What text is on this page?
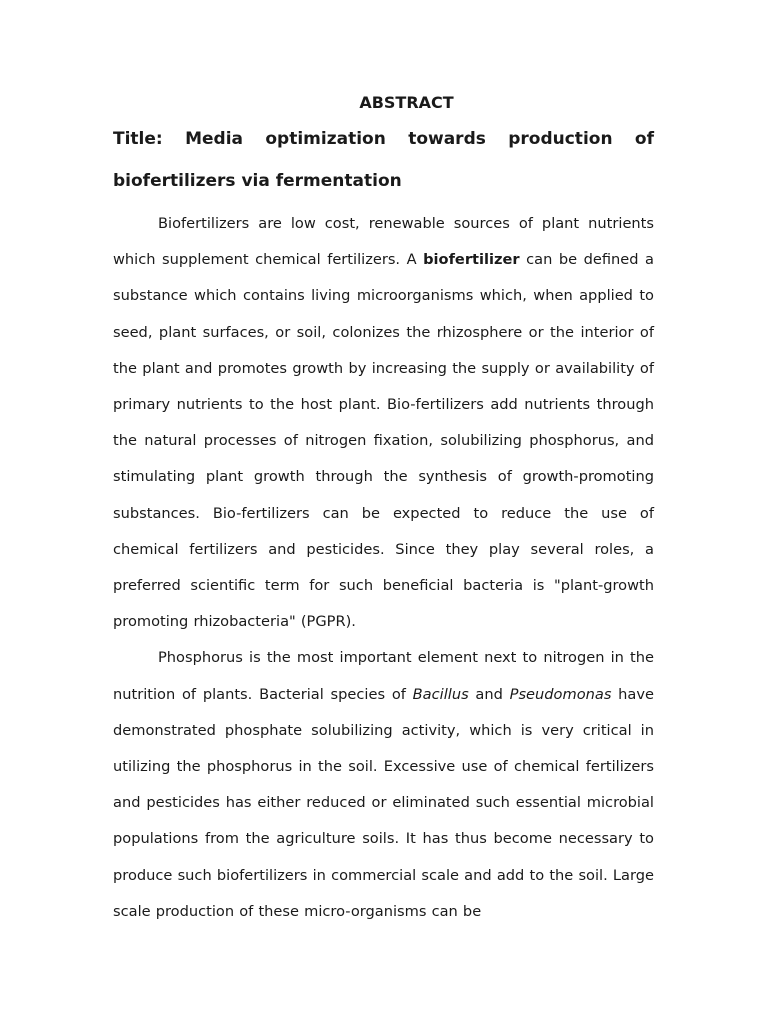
ABSTRACT
Title: Media optimization towards production of
biofertilizers via fermentation

Biofertilizers are low cost, renewable sources of plant nutrients which supplement chemical fertilizers. A biofertilizer can be defined a substance which contains living microorganisms which, when applied to seed, plant surfaces, or soil, colonizes the rhizosphere or the interior of the plant and promotes growth by increasing the supply or availability of primary nutrients to the host plant. Bio-fertilizers add nutrients through the natural processes of nitrogen fixation, solubilizing phosphorus, and stimulating plant growth through the synthesis of growth-promoting substances. Bio-fertilizers can be expected to reduce the use of chemical fertilizers and pesticides. Since they play several roles, a preferred scientific term for such beneficial bacteria is "plant-growth promoting rhizobacteria" (PGPR).

Phosphorus is the most important element next to nitrogen in the nutrition of plants. Bacterial species of Bacillus and Pseudomonas have demonstrated phosphate solubilizing activity, which is very critical in utilizing the phosphorus in the soil. Excessive use of chemical fertilizers and pesticides has either reduced or eliminated such essential microbial populations from the agriculture soils. It has thus become necessary to produce such biofertilizers in commercial scale and add to the soil. Large scale production of these micro-organisms can be
